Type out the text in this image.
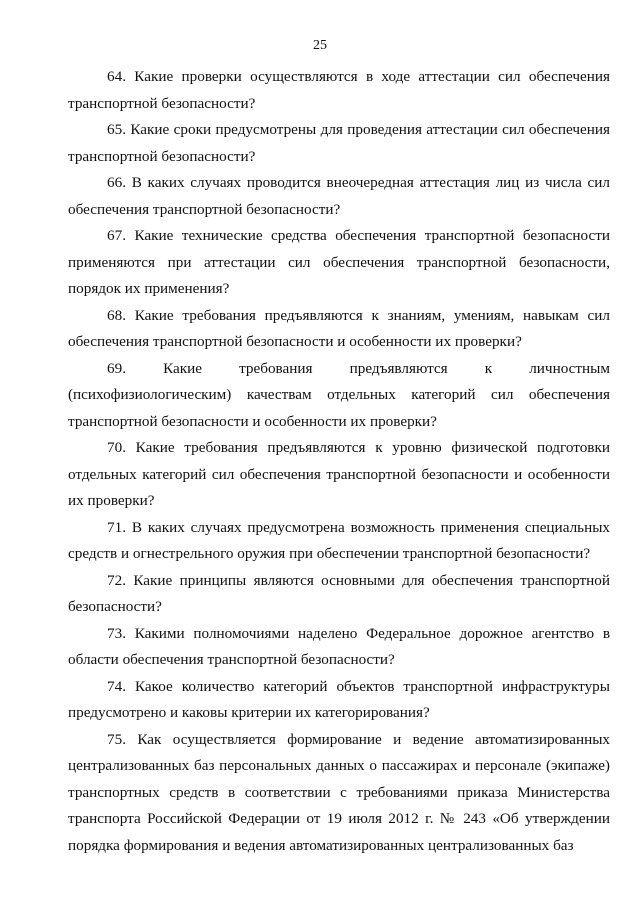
25

64. Какие проверки осуществляются в ходе аттестации сил обеспечения транспортной безопасности?

65. Какие сроки предусмотрены для проведения аттестации сил обеспечения транспортной безопасности?

66. В каких случаях проводится внеочередная аттестация лиц из числа сил обеспечения транспортной безопасности?

67. Какие технические средства обеспечения транспортной безопасности применяются при аттестации сил обеспечения транспортной безопасности, порядок их применения?

68. Какие требования предъявляются к знаниям, умениям, навыкам сил обеспечения транспортной безопасности и особенности их проверки?

69. Какие требования предъявляются к личностным (психофизиологическим) качествам отдельных категорий сил обеспечения транспортной безопасности и особенности их проверки?

70. Какие требования предъявляются к уровню физической подготовки отдельных категорий сил обеспечения транспортной безопасности и особенности их проверки?

71. В каких случаях предусмотрена возможность применения специальных средств и огнестрельного оружия при обеспечении транспортной безопасности?

72. Какие принципы являются основными для обеспечения транспортной безопасности?

73. Какими полномочиями наделено Федеральное дорожное агентство в области обеспечения транспортной безопасности?

74. Какое количество категорий объектов транспортной инфраструктуры предусмотрено и каковы критерии их категорирования?

75. Как осуществляется формирование и ведение автоматизированных централизованных баз персональных данных о пассажирах и персонале (экипаже) транспортных средств в соответствии с требованиями приказа Министерства транспорта Российской Федерации от 19 июля 2012 г. № 243 «Об утверждении порядка формирования и ведения автоматизированных централизованных баз
